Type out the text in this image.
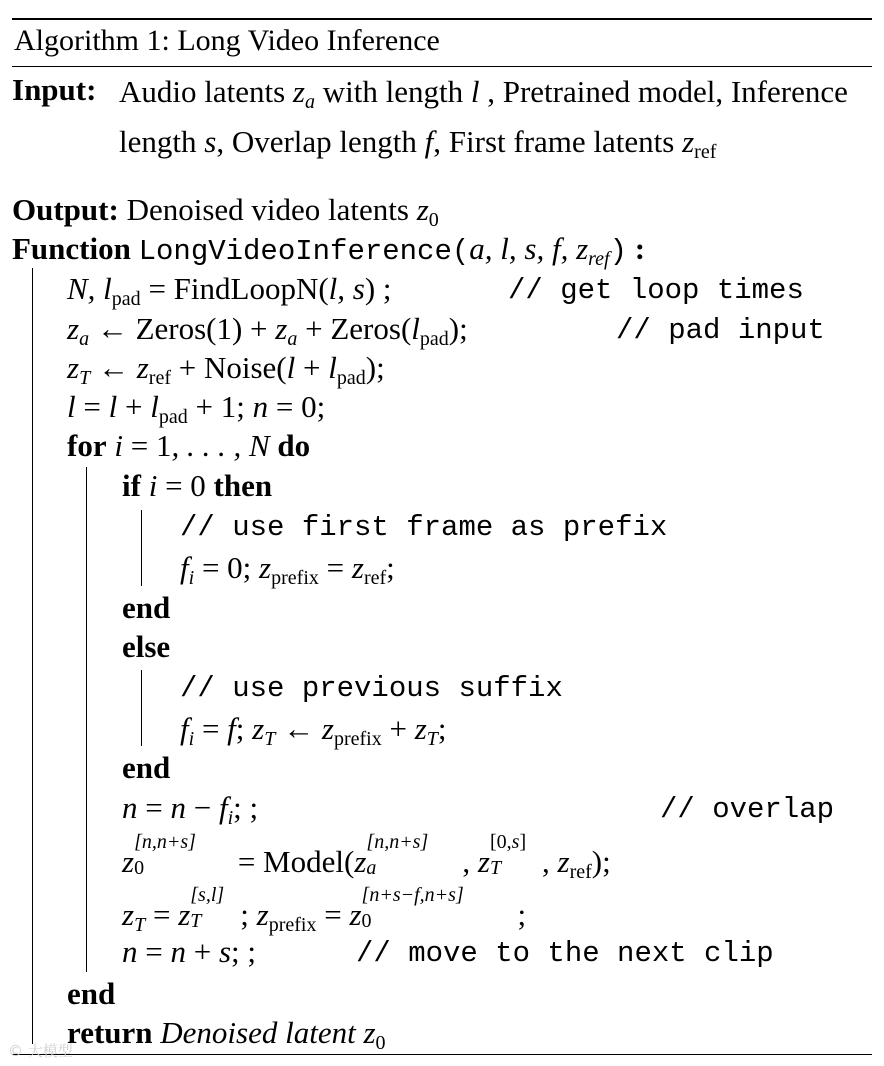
Algorithm 1: Long Video Inference
Input: Audio latents za with length l , Pretrained model, Inference length s, Overlap length f, First frame latents $z_{ref}$
Output: Denoised video latents $z_0$
Function LongVideoInference(a, l, s, f, zref) :
N, $l_{pad}$ = FindLoopN(l, s) ;	// get loop times
za ← Zeros(1) + za + $Zeros(l_{pad})$;	// pad input
zT ← $z_{ref}$ + Noise(l + $l_{pad}$);
$l = l + l_{pad} + 1$; n = 0;
for i = 1, . . . , N do
if i = 0 then
// use first frame as prefix
fi = 0; $z_{prefix} = z_{ref}$;
end
else
// use previous suffix
fi = f; zT ← $z_{prefix}$ + zT;
end
n = n − fi; ;	// overlap
z
[n,n+s]
0	= Model(z
[n,n+s]
a	, z
[0,s]
T , $z_{ref}$);
zT = z
[s,l]
T ; $z_{prefix} = z$
[n+s−f,n+s]
0	;
n = n + s; ;	// move to the next clip
end
return Denoised latent $z_0$
© 大模型
